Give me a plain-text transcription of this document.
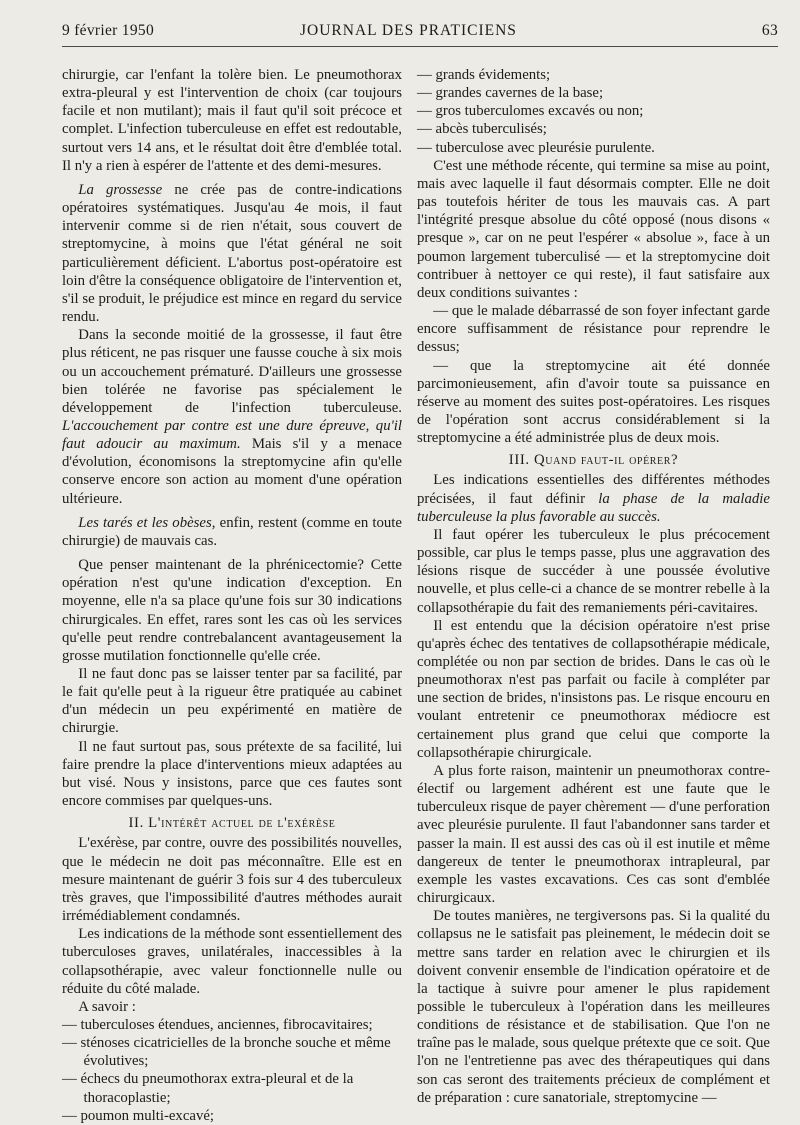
9 février 1950	JOURNAL DES PRATICIENS	63

chirurgie, car l'enfant la tolère bien. Le pneumothorax extra-pleural y est l'intervention de choix (car toujours facile et non mutilant); mais il faut qu'il soit précoce et complet. L'infection tuberculeuse en effet est redoutable, surtout vers 14 ans, et le résultat doit être d'emblée total. Il n'y a rien à espérer de l'attente et des demi-mesures.

La grossesse ne crée pas de contre-indications opératoires systématiques. Jusqu'au 4e mois, il faut intervenir comme si de rien n'était, sous couvert de streptomycine, à moins que l'état général ne soit particulièrement déficient. L'abortus post-opératoire est loin d'être la conséquence obligatoire de l'intervention et, s'il se produit, le préjudice est mince en regard du service rendu.

Dans la seconde moitié de la grossesse, il faut être plus réticent, ne pas risquer une fausse couche à six mois ou un accouchement prématuré. D'ailleurs une grossesse bien tolérée ne favorise pas spécialement le développement de l'infection tuberculeuse. L'accouchement par contre est une dure épreuve, qu'il faut adoucir au maximum. Mais s'il y a menace d'évolution, économisons la streptomycine afin qu'elle conserve encore son action au moment d'une opération ultérieure.

Les tarés et les obèses, enfin, restent (comme en toute chirurgie) de mauvais cas.

Que penser maintenant de la phrénicectomie? Cette opération n'est qu'une indication d'exception. En moyenne, elle n'a sa place qu'une fois sur 30 indications chirurgicales. En effet, rares sont les cas où les services qu'elle peut rendre contrebalancent avantageusement la grosse mutilation fonctionnelle qu'elle crée.

Il ne faut donc pas se laisser tenter par sa facilité, par le fait qu'elle peut à la rigueur être pratiquée au cabinet d'un médecin un peu expérimenté en matière de chirurgie.

Il ne faut surtout pas, sous prétexte de sa facilité, lui faire prendre la place d'interventions mieux adaptées au but visé. Nous y insistons, parce que ces fautes sont encore commises par quelques-uns.

II. L'intérêt actuel de l'exérèse

L'exérèse, par contre, ouvre des possibilités nouvelles, que le médecin ne doit pas méconnaître. Elle est en mesure maintenant de guérir 3 fois sur 4 des tuberculeux très graves, que l'impossibilité d'autres méthodes aurait irrémédiablement condamnés.

Les indications de la méthode sont essentiellement des tuberculoses graves, unilatérales, inaccessibles à la collapsothérapie, avec valeur fonctionnelle nulle ou réduite du côté malade.

A savoir :

— tuberculoses étendues, anciennes, fibrocavitaires;

— sténoses cicatricielles de la bronche souche et même évolutives;

— échecs du pneumothorax extra-pleural et de la thoracoplastie;

— poumon multi-excavé;

— grands évidements;

— grandes cavernes de la base;

— gros tuberculomes excavés ou non;

— abcès tuberculisés;

— tuberculose avec pleurésie purulente.

C'est une méthode récente, qui termine sa mise au point, mais avec laquelle il faut désormais compter. Elle ne doit pas toutefois hériter de tous les mauvais cas. A part l'intégrité presque absolue du côté opposé (nous disons « presque », car on ne peut l'espérer « absolue », face à un poumon largement tuberculisé — et la streptomycine doit contribuer à nettoyer ce qui reste), il faut satisfaire aux deux conditions suivantes :

— que le malade débarrassé de son foyer infectant garde encore suffisamment de résistance pour reprendre le dessus;

— que la streptomycine ait été donnée parcimonieusement, afin d'avoir toute sa puissance en réserve au moment des suites post-opératoires. Les risques de l'opération sont accrus considérablement si la streptomycine a été administrée plus de deux mois.

III. Quand faut-il opérer?

Les indications essentielles des différentes méthodes précisées, il faut définir la phase de la maladie tuberculeuse la plus favorable au succès.

Il faut opérer les tuberculeux le plus précocement possible, car plus le temps passe, plus une aggravation des lésions risque de succéder à une poussée évolutive nouvelle, et plus celle-ci a chance de se montrer rebelle à la collapsothérapie du fait des remaniements péri-cavitaires.

Il est entendu que la décision opératoire n'est prise qu'après échec des tentatives de collapsothérapie médicale, complétée ou non par section de brides. Dans le cas où le pneumothorax n'est pas parfait ou facile à compléter par une section de brides, n'insistons pas. Le risque encouru en voulant entretenir ce pneumothorax médiocre est certainement plus grand que celui que comporte la collapsothérapie chirurgicale.

A plus forte raison, maintenir un pneumothorax contre-électif ou largement adhérent est une faute que le tuberculeux risque de payer chèrement — d'une perforation avec pleurésie purulente. Il faut l'abandonner sans tarder et passer la main. Il est aussi des cas où il est inutile et même dangereux de tenter le pneumothorax intrapleural, par exemple les vastes excavations. Ces cas sont d'emblée chirurgicaux.

De toutes manières, ne tergiversons pas. Si la qualité du collapsus ne le satisfait pas pleinement, le médecin doit se mettre sans tarder en relation avec le chirurgien et ils doivent convenir ensemble de l'indication opératoire et de la tactique à suivre pour amener le plus rapidement possible le tuberculeux à l'opération dans les meilleures conditions de résistance et de stabilisation. Que l'on ne traîne pas le malade, sous quelque prétexte que ce soit. Que l'on ne l'entretienne pas avec des thérapeutiques qui dans son cas seront des traitements précieux de complément et de préparation : cure sanatoriale, streptomycine —
